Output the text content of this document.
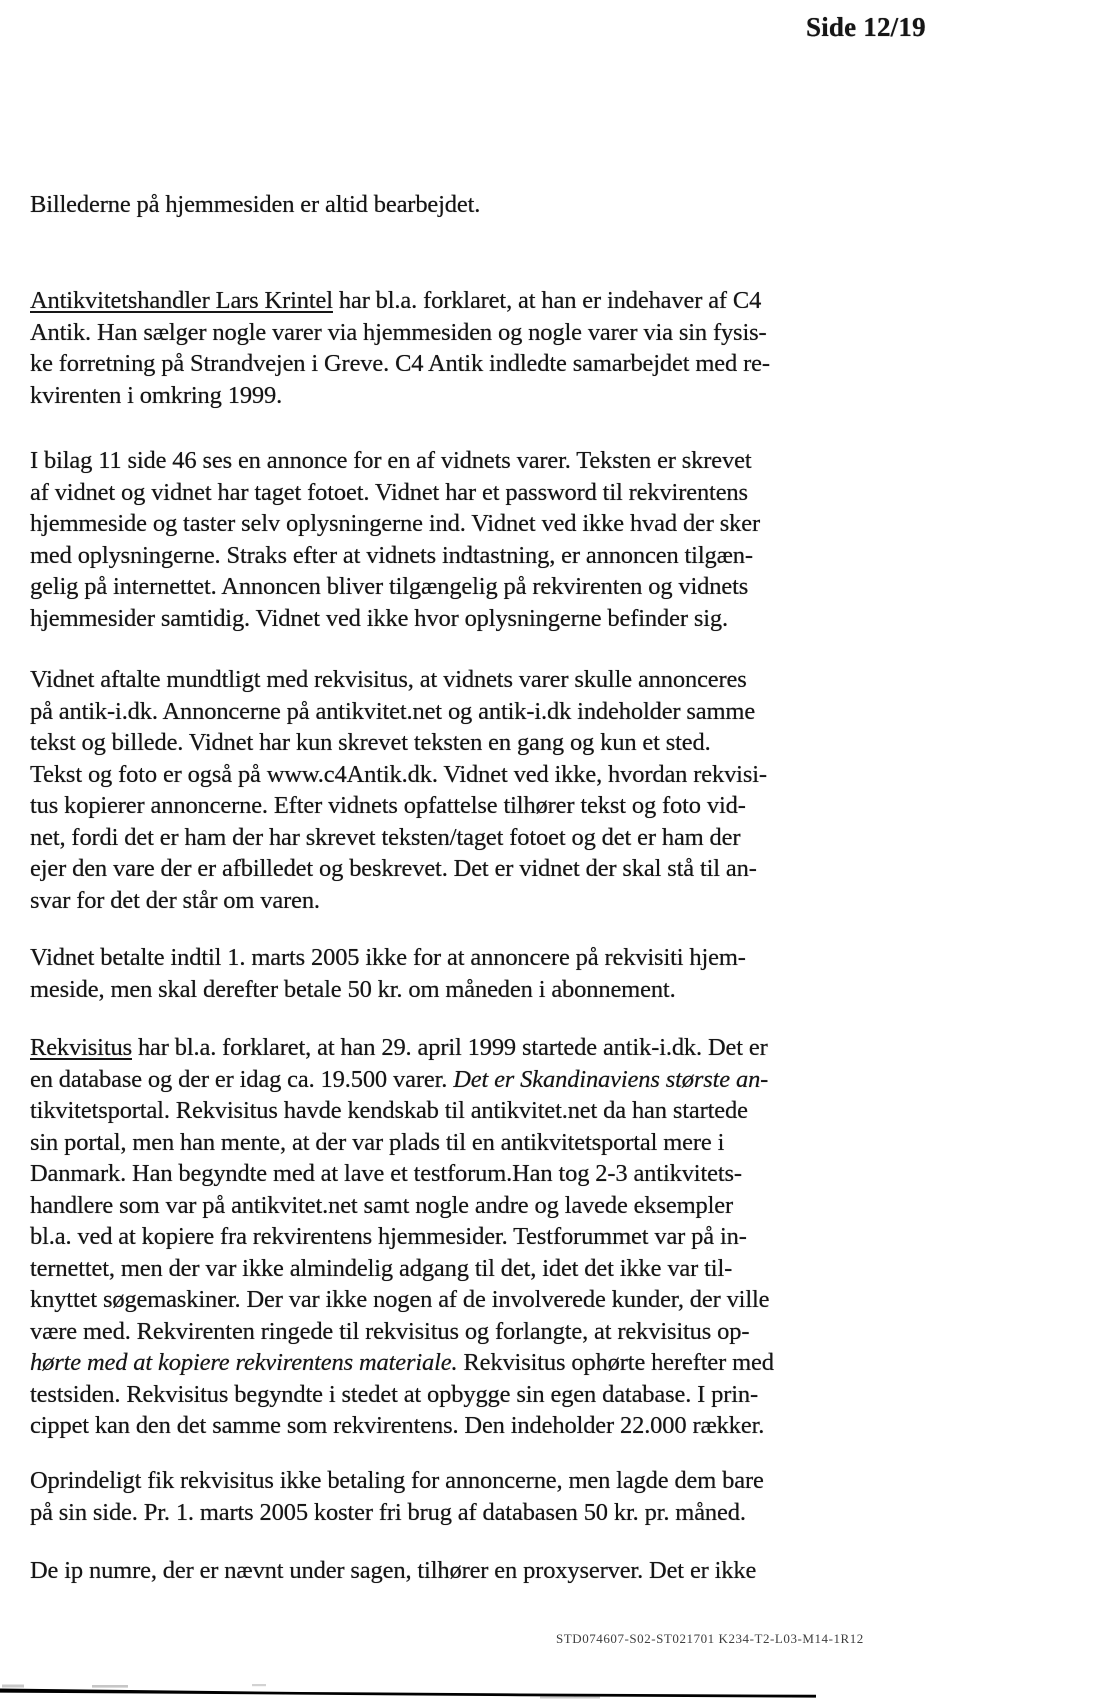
Side 12/19
Billederne på hjemmesiden er altid bearbejdet.
Antikvitetshandler Lars Krintel har bl.a. forklaret, at han er indehaver af C4
Antik. Han sælger nogle varer via hjemmesiden og nogle varer via sin fysis-
ke forretning på Strandvejen i Greve. C4 Antik indledte samarbejdet med re-
kvirenten i omkring 1999.
I bilag 11 side 46 ses en annonce for en af vidnets varer. Teksten er skrevet
af vidnet og vidnet har taget fotoet. Vidnet har et password til rekvirentens
hjemmeside og taster selv oplysningerne ind. Vidnet ved ikke hvad der sker
med oplysningerne. Straks efter at vidnets indtastning, er annoncen tilgæn-
gelig på internettet. Annoncen bliver tilgængelig på rekvirenten og vidnets
hjemmesider samtidig. Vidnet ved ikke hvor oplysningerne befinder sig.
Vidnet aftalte mundtligt med rekvisitus, at vidnets varer skulle annonceres
på antik-i.dk. Annoncerne på antikvitet.net og antik-i.dk indeholder samme
tekst og billede. Vidnet har kun skrevet teksten en gang og kun et sted.
Tekst og foto er også på www.c4Antik.dk. Vidnet ved ikke, hvordan rekvisi-
tus kopierer annoncerne. Efter vidnets opfattelse tilhører tekst og foto vid-
net, fordi det er ham der har skrevet teksten/taget fotoet og det er ham der
ejer den vare der er afbilledet og beskrevet. Det er vidnet der skal stå til an-
svar for det der står om varen.
Vidnet betalte indtil 1. marts 2005 ikke for at annoncere på rekvisiti hjem-
meside, men skal derefter betale 50 kr. om måneden i abonnement.
Rekvisitus har bl.a. forklaret, at han 29. april 1999 startede antik-i.dk. Det er
en database og der er idag ca. 19.500 varer. Det er Skandinaviens største an-
tikvitetsportal. Rekvisitus havde kendskab til antikvitet.net da han startede
sin portal, men han mente, at der var plads til en antikvitetsportal mere i
Danmark. Han begyndte med at lave et testforum.Han tog 2-3 antikvitets-
handlere som var på antikvitet.net samt nogle andre og lavede eksempler
bl.a. ved at kopiere fra rekvirentens hjemmesider. Testforummet var på in-
ternettet, men der var ikke almindelig adgang til det, idet det ikke var til-
knyttet søgemaskiner. Der var ikke nogen af de involverede kunder, der ville
være med. Rekvirenten ringede til rekvisitus og forlangte, at rekvisitus op-
hørte med at kopiere rekvirentens materiale. Rekvisitus ophørte herefter med
testsiden. Rekvisitus begyndte i stedet at opbygge sin egen database. I prin-
cippet kan den det samme som rekvirentens. Den indeholder 22.000 rækker.
Oprindeligt fik rekvisitus ikke betaling for annoncerne, men lagde dem bare
på sin side. Pr. 1. marts 2005 koster fri brug af databasen 50 kr. pr. måned.
De ip numre, der er nævnt under sagen, tilhører en proxyserver. Det er ikke
STD074607-S02-ST021701 K234-T2-L03-M14-1R12
